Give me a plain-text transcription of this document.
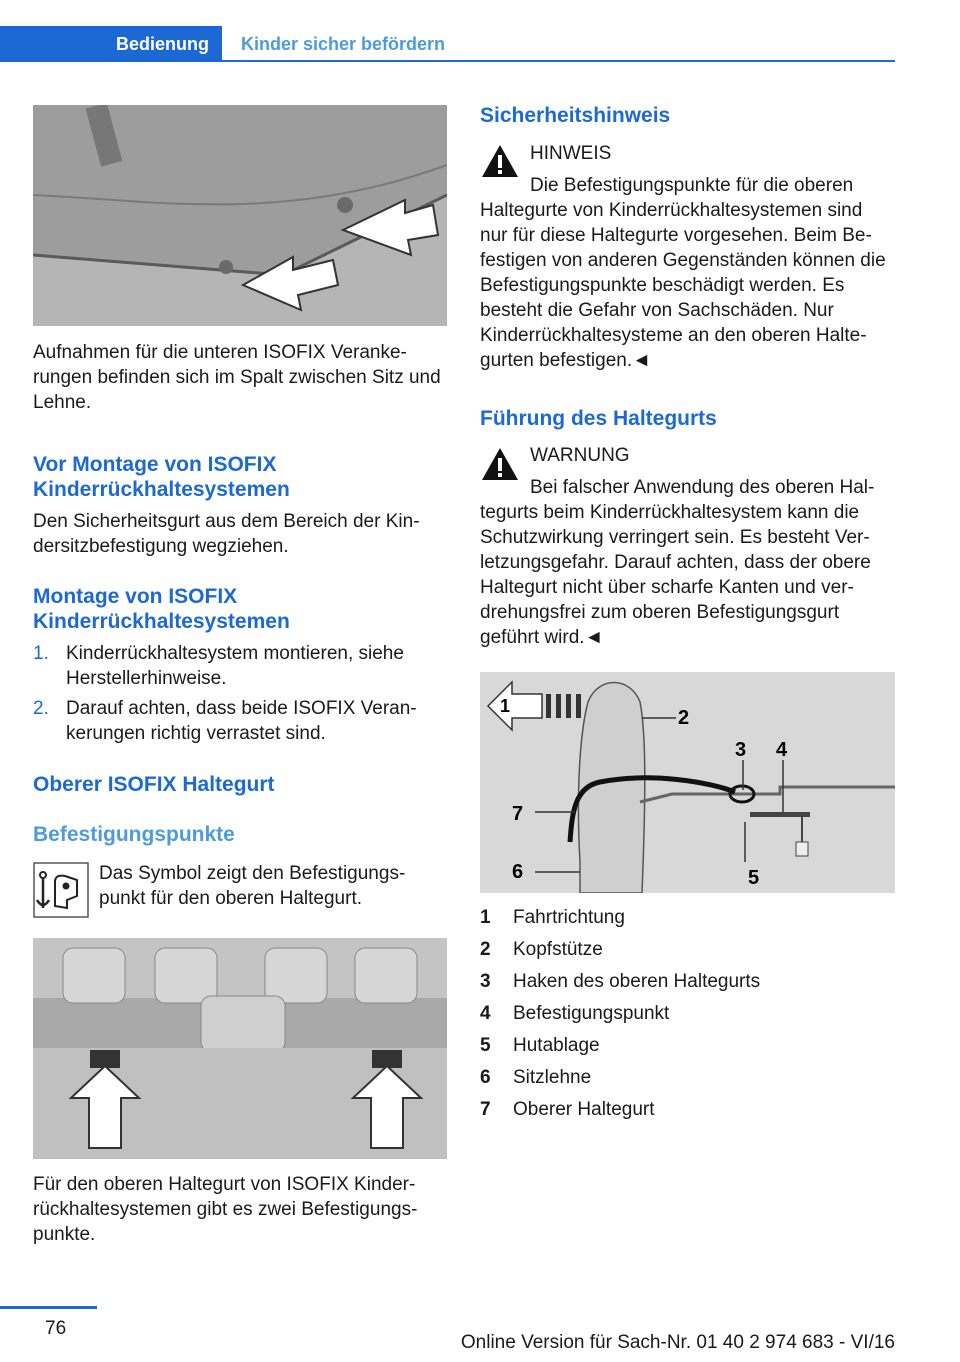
Bedienung Kinder sicher befördern

Aufnahmen für die unteren ISOFIX Veranke-rungen befinden sich im Spalt zwischen Sitz und Lehne.

Vor Montage von ISOFIX Kinderrückhaltesystemen

Den Sicherheitsgurt aus dem Bereich der Kin-dersitzbefestigung wegziehen.

Montage von ISOFIX Kinderrückhaltesystemen
1. Kinderrückhaltesystem montieren, siehe Herstellerhinweise.
2. Darauf achten, dass beide ISOFIX Veran-kerungen richtig verrastet sind.
Oberer ISOFIX Haltegurt
Befestigungspunkte

Das Symbol zeigt den Befestigungs-punkt für den oberen Haltegurt.

Für den oberen Haltegurt von ISOFIX Kinder-rückhaltesystemen gibt es zwei Befestigungs-punkte.

Sicherheitshinweis

HINWEIS

Die Befestigungspunkte für die oberen Haltegurte von Kinderrückhaltesystemen sind nur für diese Haltegurte vorgesehen. Beim Be-festigen von anderen Gegenständen können die Befestigungspunkte beschädigt werden. Es besteht die Gefahr von Sachschäden. Nur Kinderrückhaltesysteme an den oberen Halte-gurten befestigen.◄

Führung des Haltegurts

WARNUNG

Bei falscher Anwendung des oberen Hal-tegurts beim Kinderrückhaltesystem kann die Schutzwirkung verringert sein. Es besteht Ver-letzungsgefahr. Darauf achten, dass der obere Haltegurt nicht über scharfe Kanten und ver-drehungsfrei zum oberen Befestigungsgurt geführt wird.◄

1
2
3 4
5
6
7
1 Fahrtrichtung
2 Kopfstütze
3 Haken des oberen Haltegurts
4 Befestigungspunkt
5 Hutablage
6 Sitzlehne
7 Oberer Haltegurt
76
Online Version für Sach-Nr. 01 40 2 974 683 - VI/16
